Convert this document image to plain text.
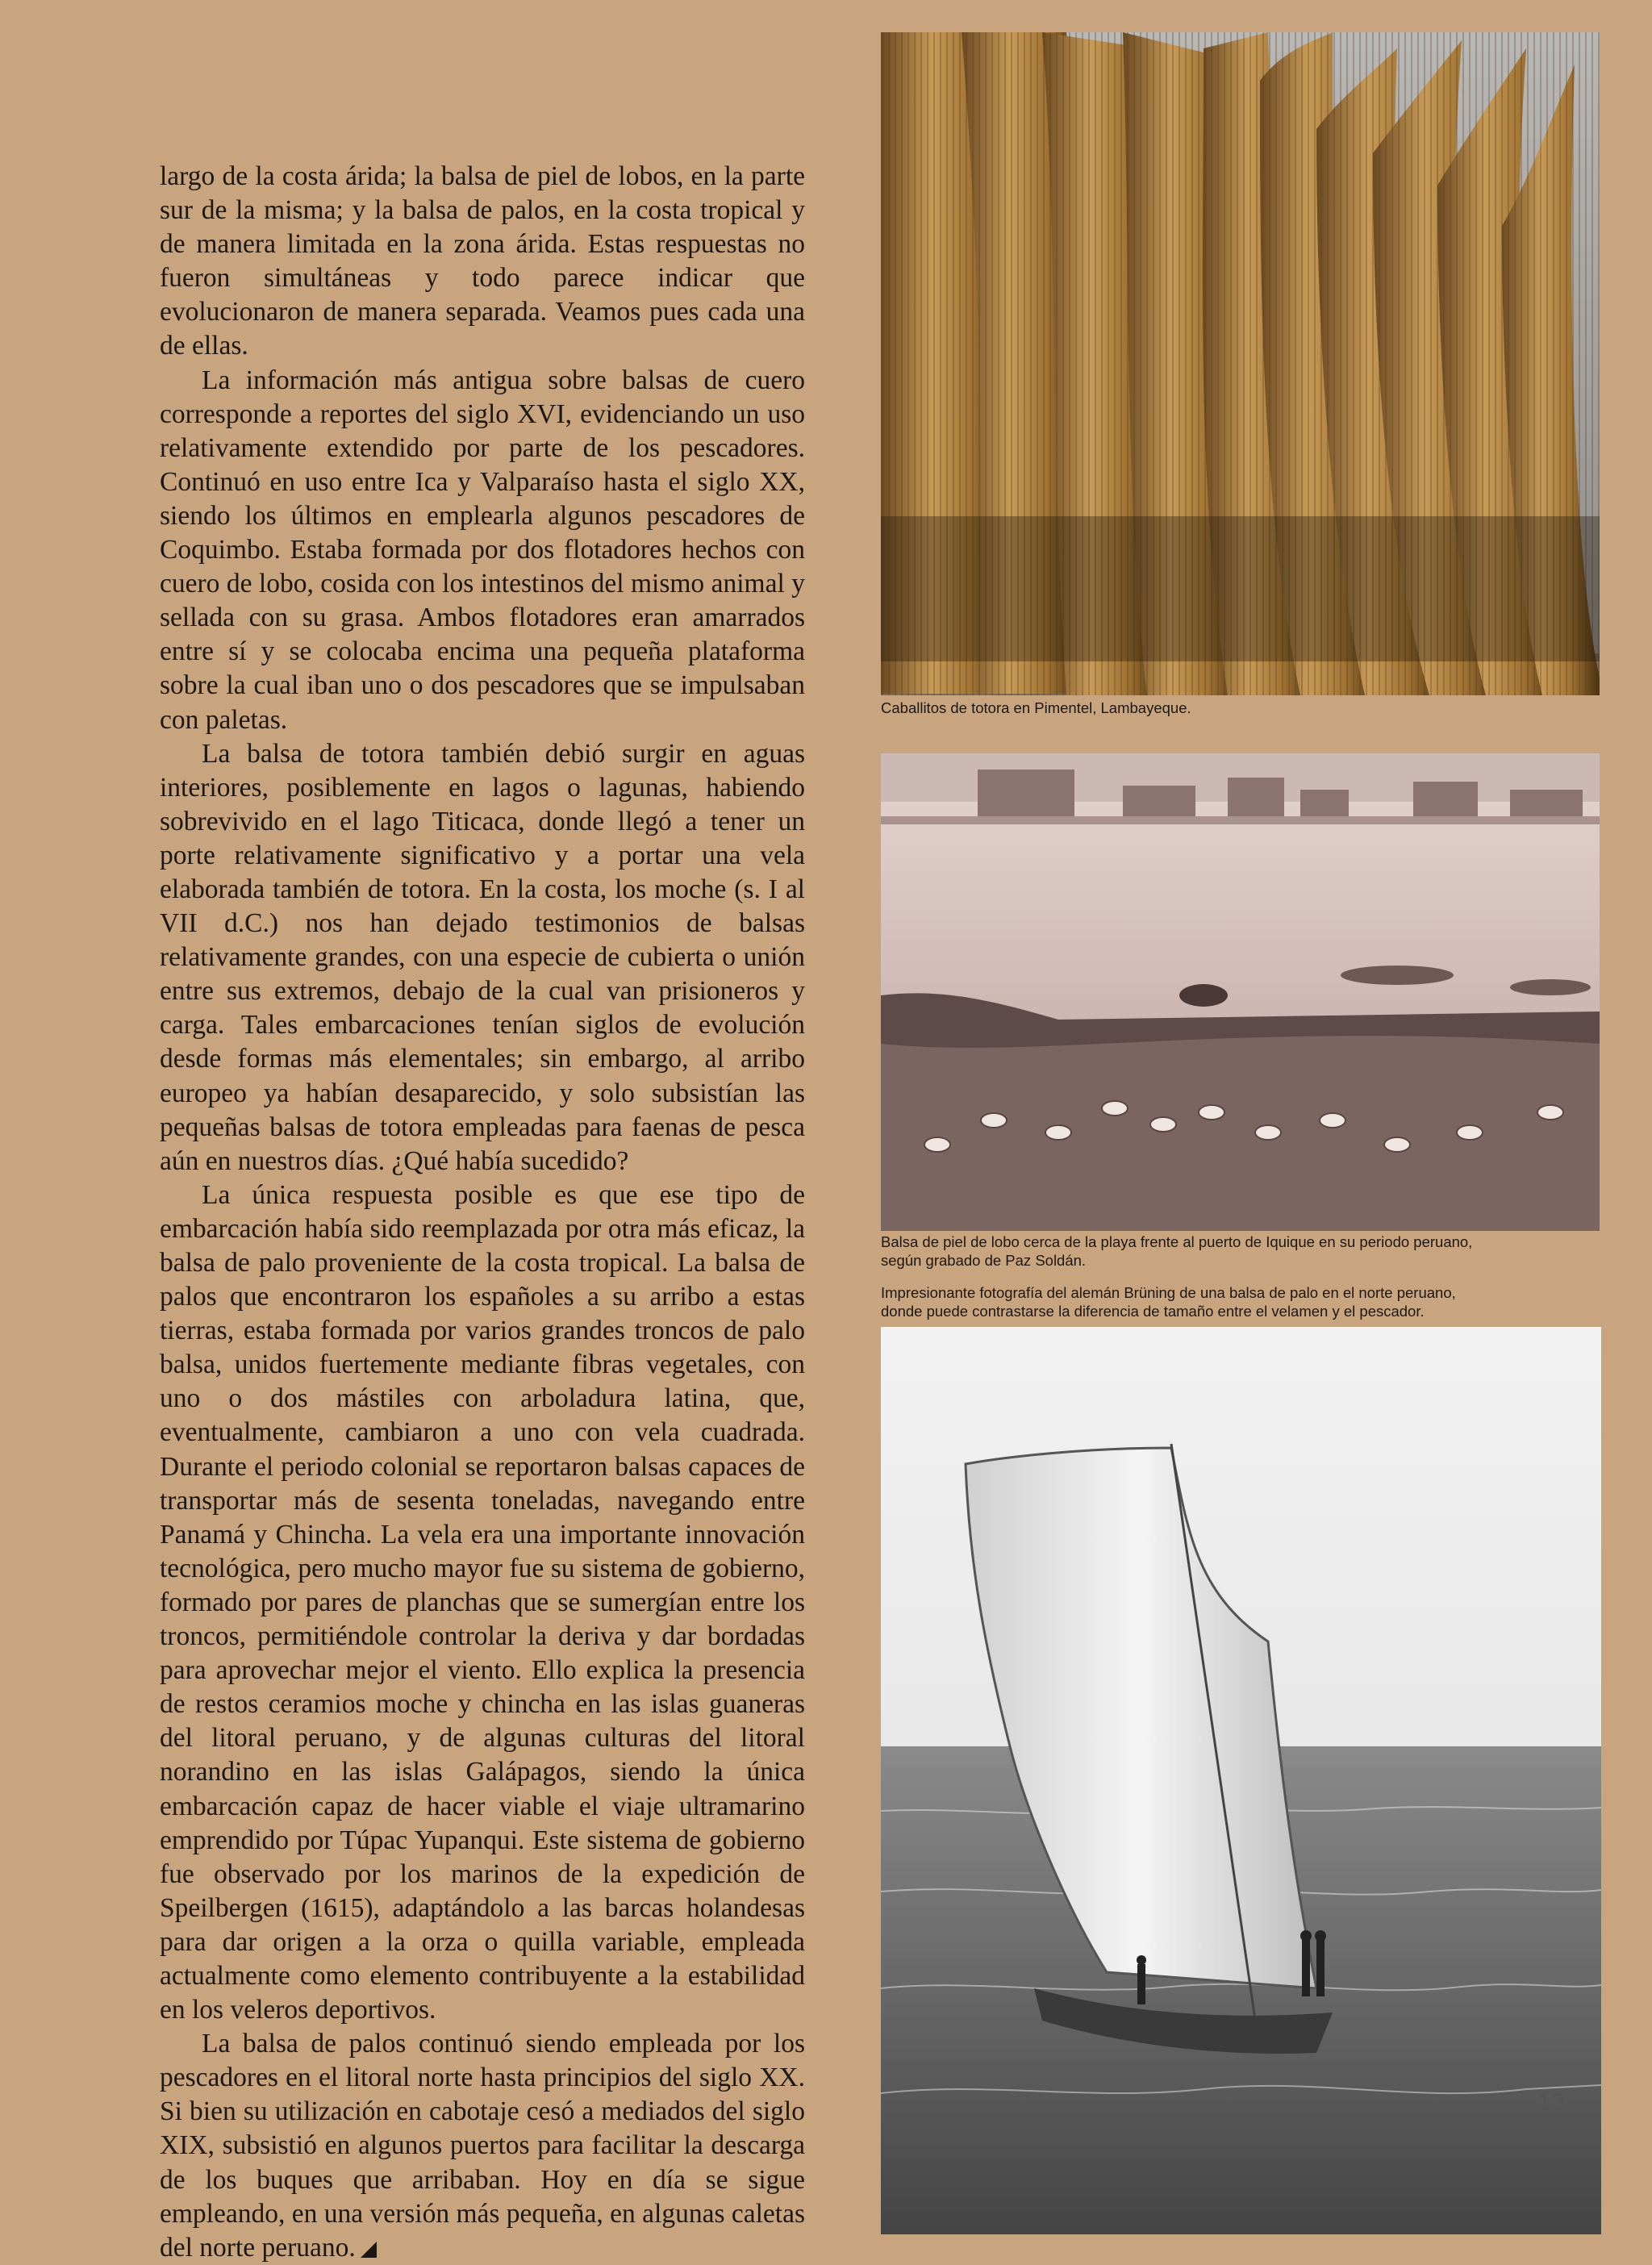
largo de la costa árida; la balsa de piel de lobos, en la parte sur de la misma; y la balsa de palos, en la costa tropical y de manera limitada en la zona árida. Estas respuestas no fueron simultáneas y todo parece indicar que evolucionaron de manera separada. Veamos pues cada una de ellas.

La información más antigua sobre balsas de cuero corresponde a reportes del siglo XVI, evidenciando un uso relativamente extendido por parte de los pescadores. Continuó en uso entre Ica y Valparaíso hasta el siglo XX, siendo los últimos en emplearla algunos pescadores de Coquimbo. Estaba formada por dos flotadores hechos con cuero de lobo, cosida con los intestinos del mismo animal y sellada con su grasa. Ambos flotadores eran amarrados entre sí y se colocaba encima una pequeña plataforma sobre la cual iban uno o dos pescadores que se impulsaban con paletas.

La balsa de totora también debió surgir en aguas interiores, posiblemente en lagos o lagunas, habiendo sobrevivido en el lago Titicaca, donde llegó a tener un porte relativamente significativo y a portar una vela elaborada también de totora. En la costa, los moche (s. I al VII d.C.) nos han dejado testimonios de balsas relativamente grandes, con una especie de cubierta o unión entre sus extremos, debajo de la cual van prisioneros y carga. Tales embarcaciones tenían siglos de evolución desde formas más elementales; sin embargo, al arribo europeo ya habían desaparecido, y solo subsistían las pequeñas balsas de totora empleadas para faenas de pesca aún en nuestros días. ¿Qué había sucedido?

La única respuesta posible es que ese tipo de embarcación había sido reemplazada por otra más eficaz, la balsa de palo proveniente de la costa tropical. La balsa de palos que encontraron los españoles a su arribo a estas tierras, estaba formada por varios grandes troncos de palo balsa, unidos fuertemente mediante fibras vegetales, con uno o dos mástiles con arboladura latina, que, eventualmente, cambiaron a uno con vela cuadrada. Durante el periodo colonial se reportaron balsas capaces de transportar más de sesenta toneladas, navegando entre Panamá y Chincha. La vela era una importante innovación tecnológica, pero mucho mayor fue su sistema de gobierno, formado por pares de planchas que se sumergían entre los troncos, permitiéndole controlar la deriva y dar bordadas para aprovechar mejor el viento. Ello explica la presencia de restos ceramios moche y chincha en las islas guaneras del litoral peruano, y de algunas culturas del litoral norandino en las islas Galápagos, siendo la única embarcación capaz de hacer viable el viaje ultramarino emprendido por Túpac Yupanqui. Este sistema de gobierno fue observado por los marinos de la expedición de Speilbergen (1615), adaptándolo a las barcas holandesas para dar origen a la orza o quilla variable, empleada actualmente como elemento contribuyente a la estabilidad en los veleros deportivos.

La balsa de palos continuó siendo empleada por los pescadores en el litoral norte hasta principios del siglo XX. Si bien su utilización en cabotaje cesó a mediados del siglo XIX, subsistió en algunos puertos para facilitar la descarga de los buques que arribaban. Hoy en día se sigue empleando, en una versión más pequeña, en algunas caletas del norte peruano.

Caballitos de totora en Pimentel, Lambayeque.
Balsa de piel de lobo cerca de la playa frente al puerto de Iquique en su periodo peruano,
según grabado de Paz Soldán.
Impresionante fotografía del alemán Brüning de una balsa de palo en el norte peruano,
donde puede contrastarse la diferencia de tamaño entre el velamen y el pescador.
13
